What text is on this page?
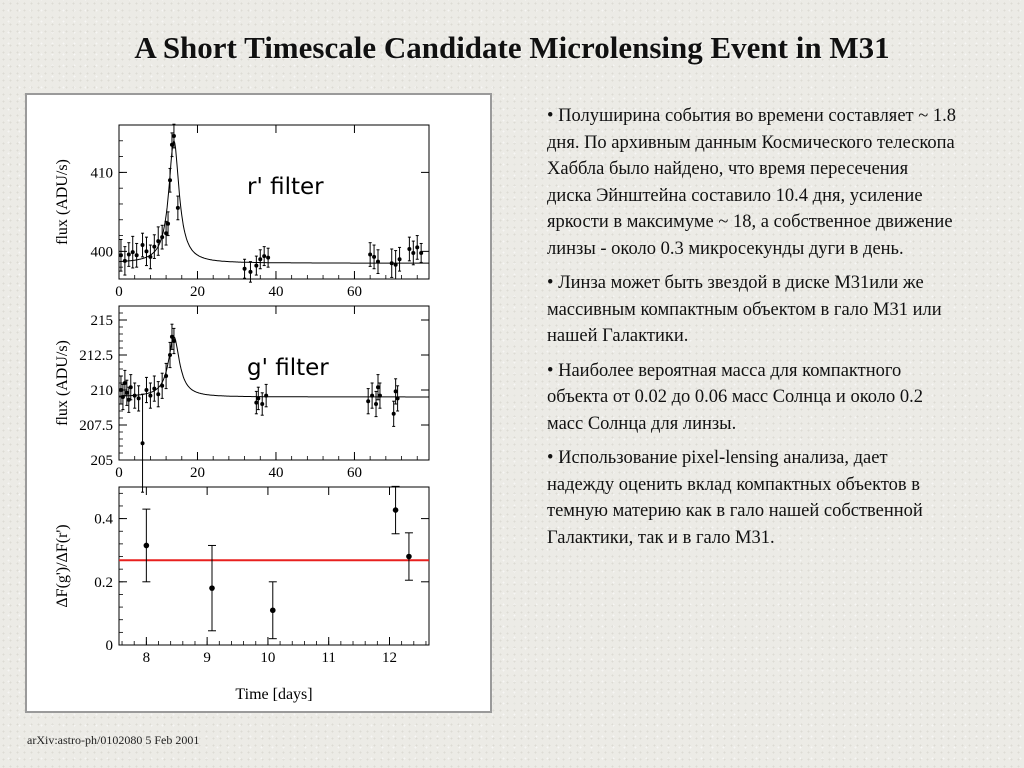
A Short Timescale Candidate Microlensing Event in M31
0	20	40	60
400
410
flux (ADU/s)	r' filter
0	20	40	60
205
207.5
210
212.5
215
flux (ADU/s)	g' filter
8	9	10	11	12
0
0.2
0.4
ΔF(g')/ΔF(r')
Time [days]

• Полуширина события во времени составляет ~ 1.8 дня. По архивным данным Космического телескопа Хаббла было найдено, что время пересечения диска Эйнштейна составило 10.4 дня, усиление яркости в максимуме ~ 18, а собственное движение линзы - около 0.3 микросекунды дуги в день.

• Линза может быть звездой в диске М31или же массивным компактным объектом в гало М31 или нашей Галактики.

• Наиболее вероятная масса для компактного объекта от 0.02 до 0.06 масс Солнца и около 0.2 масс Солнца для линзы.

• Использование pixel-lensing анализа, дает надежду оценить вклад компактных объектов в темную материю как в гало нашей собственной Галактики, так и в гало М31.

arXiv:astro-ph/0102080 5 Feb 2001
